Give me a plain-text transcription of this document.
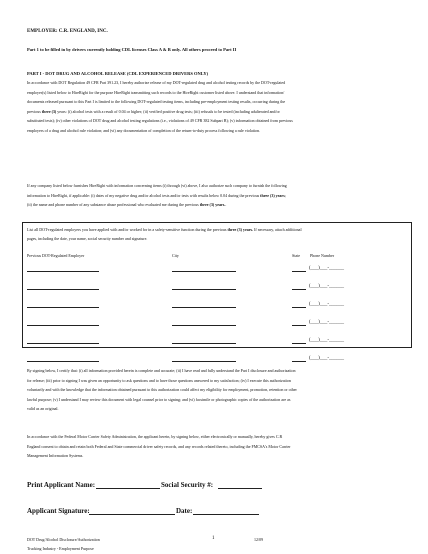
EMPLOYER: C.R. ENGLAND, INC.
Part 1 to be filled in by drivers currently holding CDL licenses Class A & B only. All others proceed to Part II
PART I - DOT DRUG AND ALCOHOL RELEASE (CDL EXPERIENCED DRIVERS ONLY)
In accordance with DOT Regulation 49 CFR Part 391.23, I hereby authorize release of my DOT-regulated drug and alcohol testing records by the DOT-regulated
employer(s) listed below to HireRight for the purpose HireRight transmitting such records to the HireRight customer listed above. I understand that information/
documents released pursuant to this Part I is limited to the following DOT-regulated testing items, including pre-employment testing results, occurring during the
previous three (3) years: (i) alcohol tests with a result of 0.04 or higher; (ii) verified positive drug tests; (iii) refusals to be tested (including adulterated and/or
substituted tests); (iv) other violations of DOT drug and alcohol testing regulations (i.e., violations of 49 CFR 382 Subpart B); (v) information obtained from previous
employers of a drug and alcohol rule violation; and (vi) any documentation of completion of the return-to-duty process following a rule violation.
If any company listed below furnishes HireRight with information concerning items (i) through (vi) above, I also authorize such company to furnish the following
information to HireRight, if applicable: (i) dates of my negative drug and/or alcohol tests and/or tests with results below 0.04 during the previous three (3) years;
(ii) the name and phone number of any substance abuse professional who evaluated me during the previous three (3) years..
List all DOT-regulated employers you have applied with and/or worked for in a safety-sensitive function during the previous three (3) years. If necessary, attach additional
pages, including the date, your name, social security number and signature.
Previous DOT-Regulated Employer	City	State	Phone Number
(___)___-______
(___)___-______
(___)___-______
(___)___-______
(___)___-______
(___)___-______
By signing below, I certify that: (i) all information provided herein is complete and accurate; (ii) I have read and fully understand the Part I disclosure and authorization
for release; (iii) prior to signing I was given an opportunity to ask questions and to have those questions answered to my satisfaction; (iv) I execute this authorization
voluntarily and with the knowledge that the information obtained pursuant to this authorization could affect my eligibility for employment, promotion, retention or other
lawful purpose; (v) I understand I may review this document with legal counsel prior to signing; and (vi) facsimile or photographic copies of the authorization are as
valid as an original.
In accordance with the Federal Motor Carrier Safety Administration, the applicant herein, by signing below, either electronically or manually, hereby gives C.R
England consent to obtain and retain both Federal and State commercial driver safety records, and any records related thereto, including the FMCSA's Motor Carrier
Management Information Systems.
Print Applicant Name:	Social Security #:
Applicant Signature:	Date:
DOT Drug/Alcohol Disclosure/Authorization	1	12/09
Trucking Industry - Employment Purpose
